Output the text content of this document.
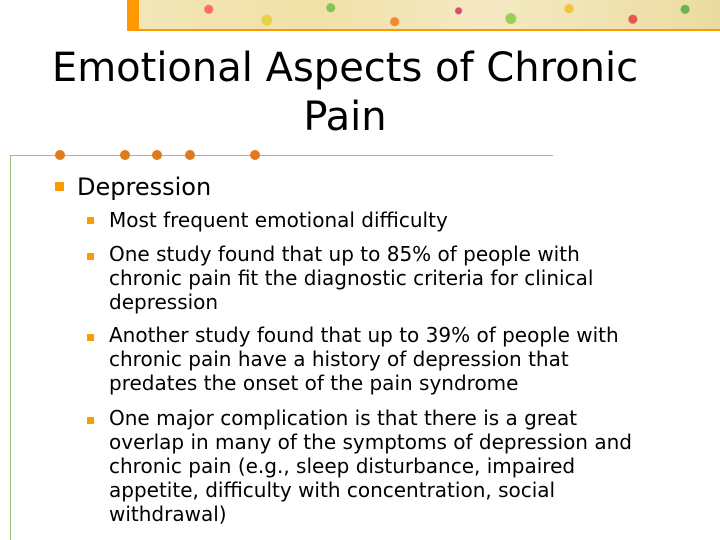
Emotional Aspects of Chronic Pain
Depression
Most frequent emotional difficulty
One study found that up to 85% of people with chronic pain fit the diagnostic criteria for clinical depression
Another study found that up to 39% of people with chronic pain have a history of depression that predates the onset of the pain syndrome
One major complication is that there is a great overlap in many of the symptoms of depression and chronic pain (e.g., sleep disturbance, impaired appetite, difficulty with concentration, social withdrawal)
